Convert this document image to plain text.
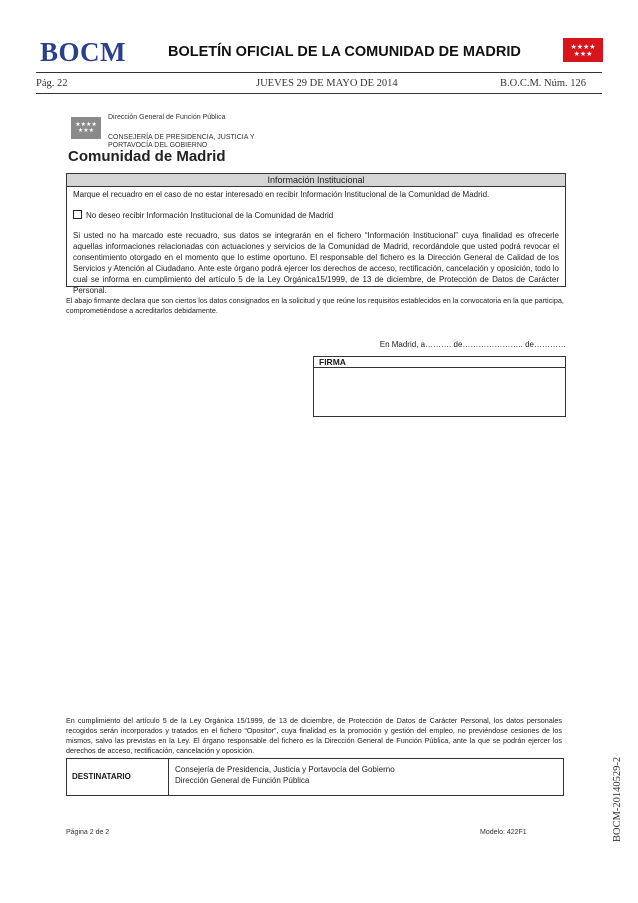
BOCM	BOLETÍN OFICIAL DE LA COMUNIDAD DE MADRID	★★★★
★★★
Pág. 22	JUEVES 29 DE MAYO DE 2014	B.O.C.M. Núm. 126
Dirección General de Función Pública
★★★★
★★★
CONSEJERÍA DE PRESIDENCIA, JUSTICIA Y
PORTAVOCÍA DEL GOBIERNO
Comunidad de Madrid
Información Institucional
Marque el recuadro en el caso de no estar interesado en recibir Información Institucional de la Comunidad de Madrid.
No deseo recibir Información Institucional de la Comunidad de Madrid
Si usted no ha marcado este recuadro, sus datos se integrarán en el fichero “Información Institucional” cuya finalidad es ofrecerle aquellas informaciones relacionadas con actuaciones y servicios de la Comunidad de Madrid, recordándole que usted podrá revocar el consentimiento otorgado en el momento que lo estime oportuno. El responsable del fichero es la Dirección General de Calidad de los Servicios y Atención al Ciudadano. Ante este órgano podrá ejercer los derechos de acceso, rectificación, cancelación y oposición, todo lo cual se informa en cumplimiento del artículo 5 de la Ley Orgánica15/1999, de 13 de diciembre, de Protección de Datos de Carácter Personal.
El abajo firmante declara que son ciertos los datos consignados en la solicitud y que reúne los requisitos establecidos en la convocatoria en la que participa, comprometiéndose a acreditarlos debidamente.
En Madrid, a………. de………………….. de…………
FIRMA
En cumplimiento del artículo 5 de la Ley Orgánica 15/1999, de 13 de diciembre, de Protección de Datos de Carácter Personal, los datos personales recogidos serán incorporados y tratados en el fichero “Opositor”, cuya finalidad es la promoción y gestión del empleo, no previéndose cesiones de los mismos, salvo las previstas en la Ley. El órgano responsable del fichero es la Dirección General de Función Pública, ante la que se podrán ejercer los derechos de acceso, rectificación, cancelación y oposición.
DESTINATARIO
Consejería de Presidencia, Justicia y Portavocía del Gobierno
Dirección General de Función Pública
Página 2 de 2	Modelo: 422F1	BOCM-20140529-2
